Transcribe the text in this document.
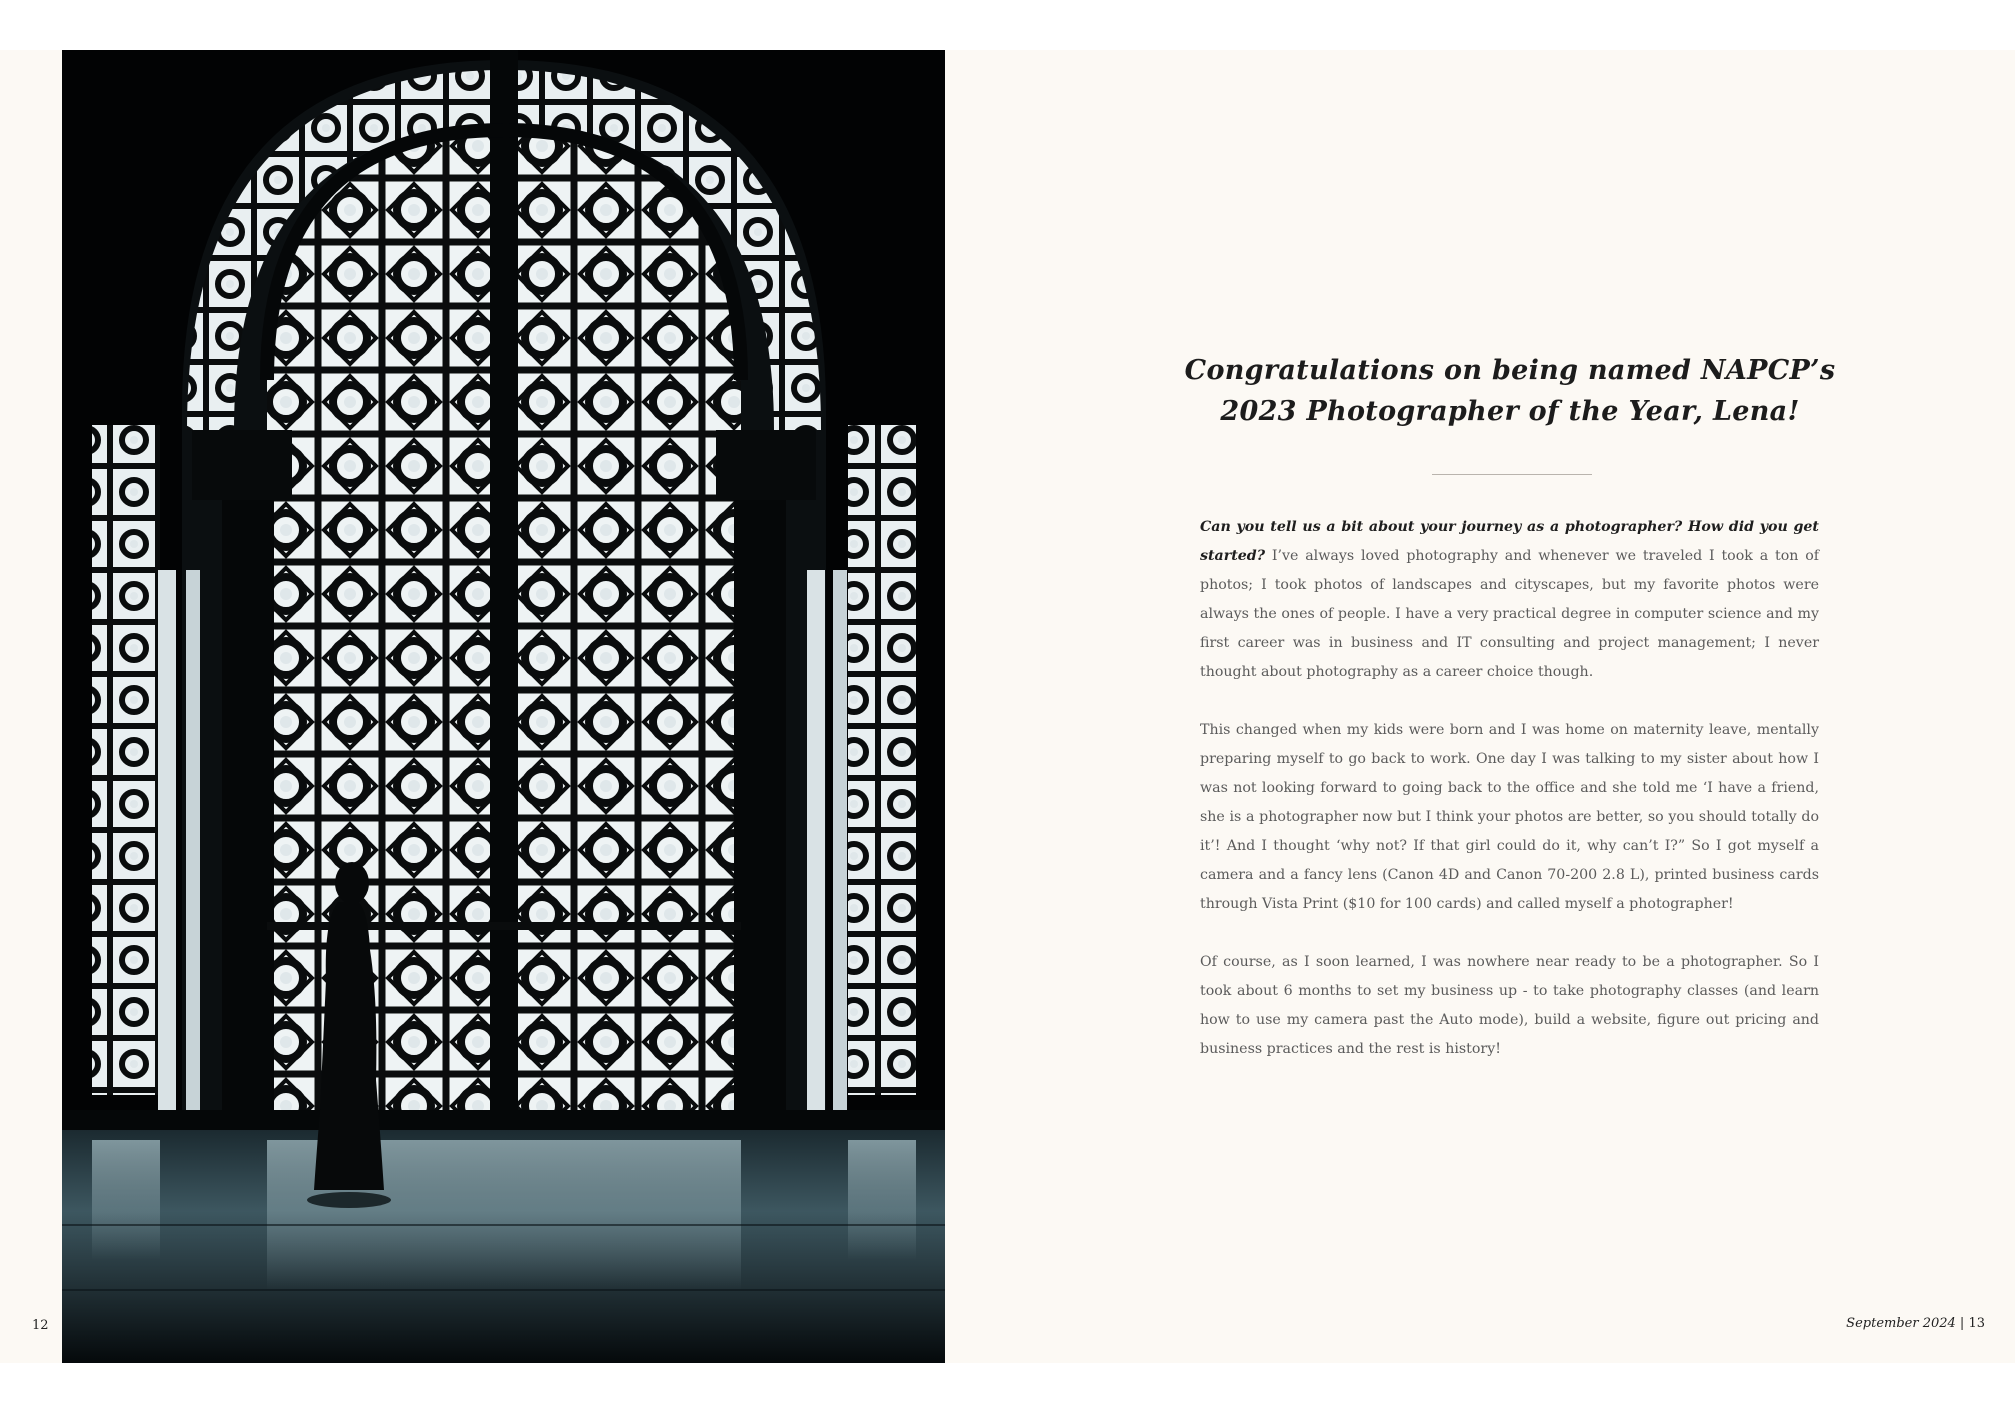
12
Congratulations on being named NAPCP’s
2023 Photographer of the Year, Lena!

Can you tell us a bit about your journey as a photographer? How did you get started? I’ve always loved photography and whenever we traveled I took a ton of photos; I took photos of landscapes and cityscapes, but my favorite photos were always the ones of people. I have a very practical degree in computer science and my first career was in business and IT consulting and project management; I never thought about photography as a career choice though.

This changed when my kids were born and I was home on maternity leave, mentally preparing myself to go back to work. One day I was talking to my sister about how I was not looking forward to going back to the office and she told me ‘I have a friend, she is a photographer now but I think your photos are better, so you should totally do it’! And I thought ‘why not? If that girl could do it, why can’t I?” So I got myself a camera and a fancy lens (Canon 4D and Canon 70-200 2.8 L), printed business cards through Vista Print ($10 for 100 cards) and called myself a photographer!

Of course, as I soon learned, I was nowhere near ready to be a photographer. So I took about 6 months to set my business up - to take photography classes (and learn how to use my camera past the Auto mode), build a website, figure out pricing and business practices and the rest is history!

September 2024 | 13
